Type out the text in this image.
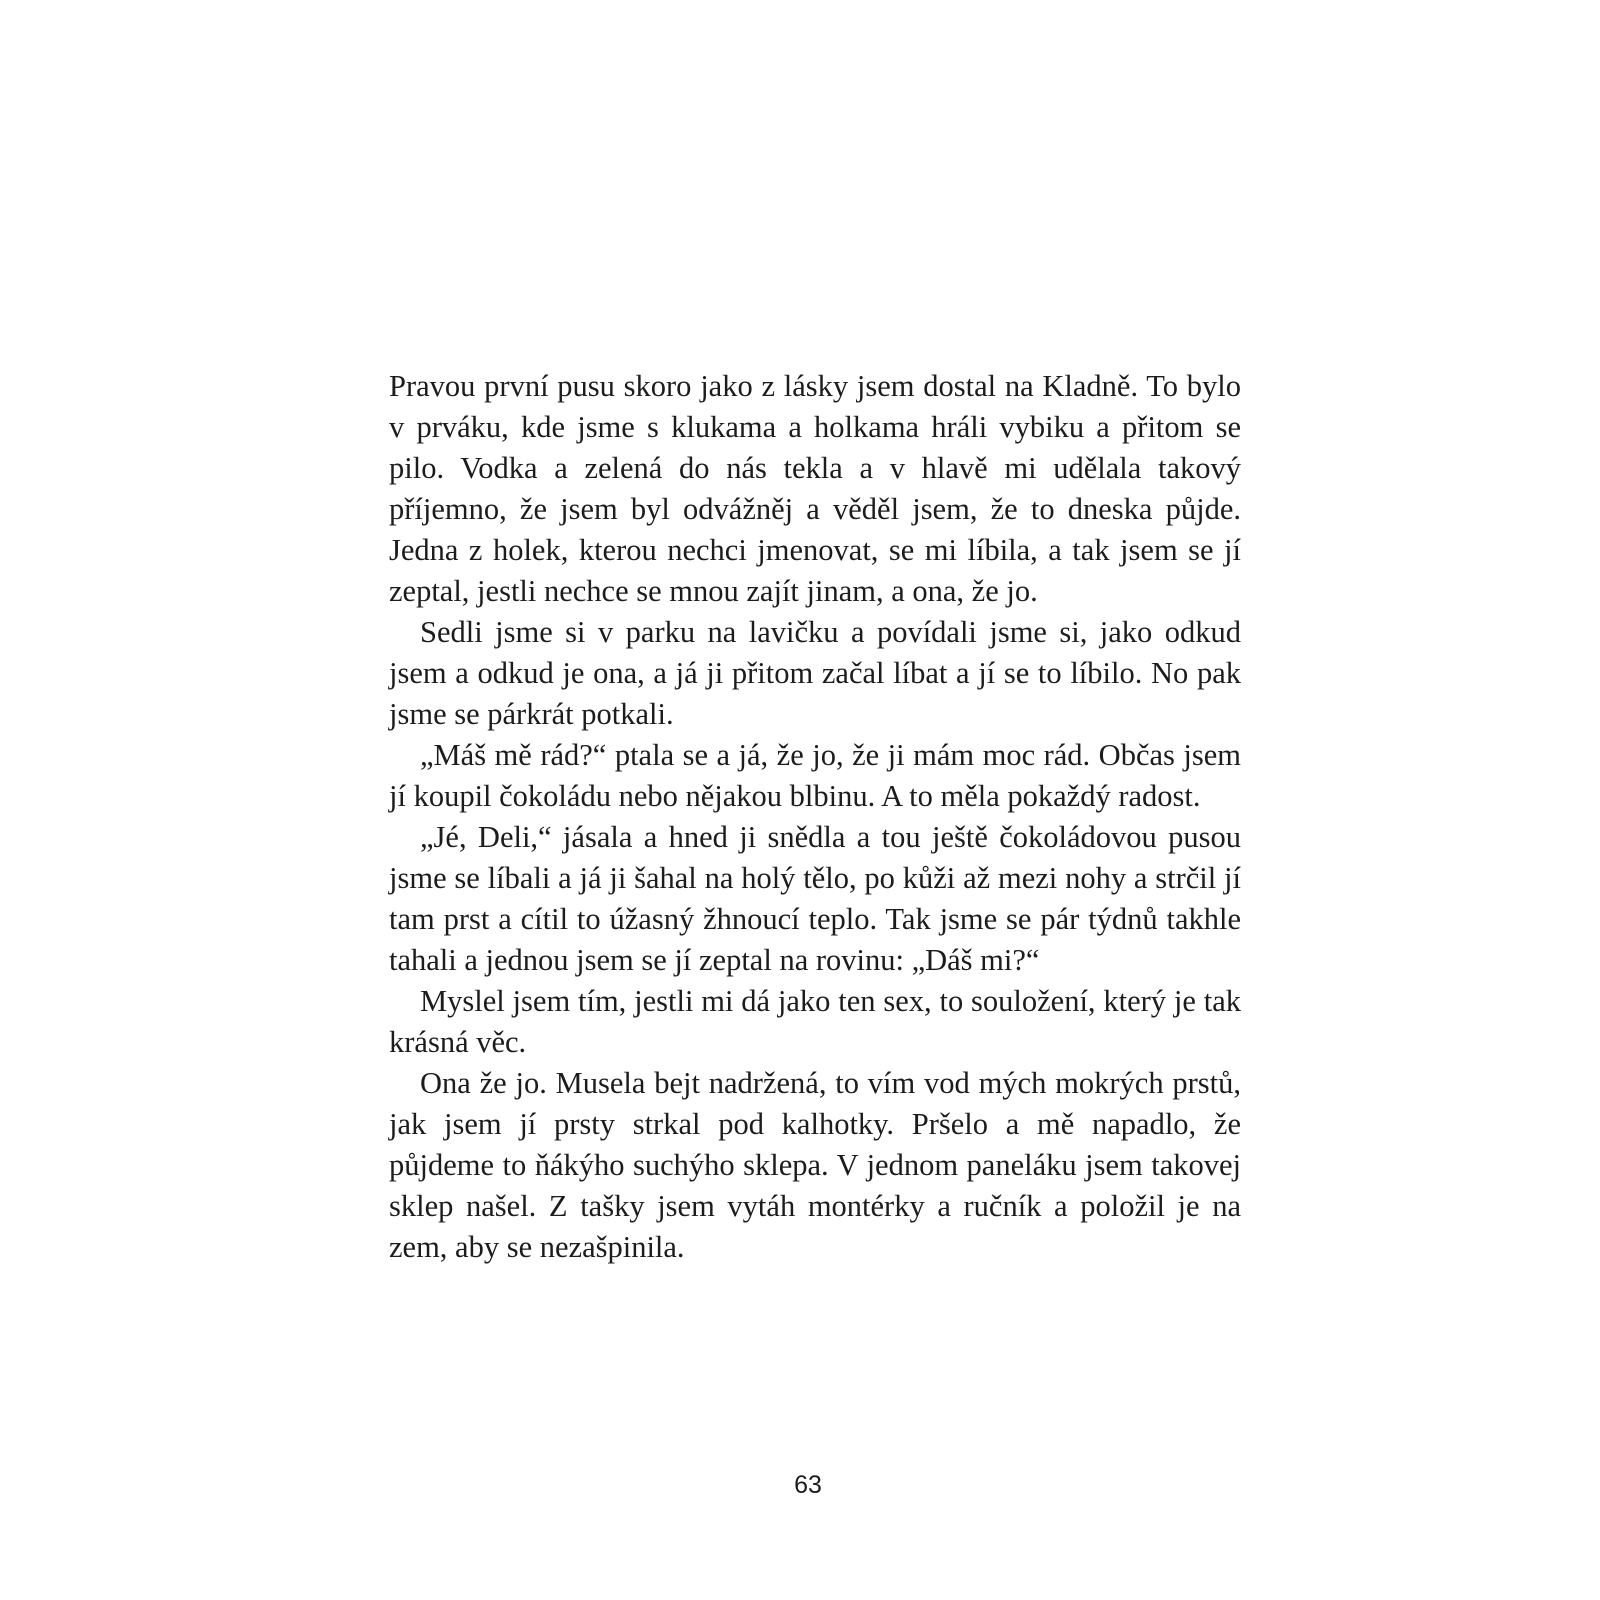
Pravou první pusu skoro jako z lásky jsem dostal na Kladně. To bylo v prváku, kde jsme s klukama a holkama hráli vybiku a přitom se pilo. Vodka a zelená do nás tekla a v hlavě mi udělala takový příjemno, že jsem byl odvážněj a věděl jsem, že to dneska půjde. Jedna z holek, kterou nechci jmenovat, se mi líbila, a tak jsem se jí zeptal, jestli nechce se mnou zajít jinam, a ona, že jo.

Sedli jsme si v parku na lavičku a povídali jsme si, jako odkud jsem a odkud je ona, a já ji přitom začal líbat a jí se to líbilo. No pak jsme se párkrát potkali.

„Máš mě rád?“ ptala se a já, že jo, že ji mám moc rád. Občas jsem jí koupil čokoládu nebo nějakou blbinu. A to měla pokaždý radost.

„Jé, Deli,“ jásala a hned ji snědla a tou ještě čokoládovou pusou jsme se líbali a já ji šahal na holý tělo, po kůži až mezi nohy a strčil jí tam prst a cítil to úžasný žhnoucí teplo. Tak jsme se pár týdnů takhle tahali a jednou jsem se jí zeptal na rovinu: „Dáš mi?“

Myslel jsem tím, jestli mi dá jako ten sex, to souložení, který je tak krásná věc.

Ona že jo. Musela bejt nadržená, to vím vod mých mokrých prstů, jak jsem jí prsty strkal pod kalhotky. Pršelo a mě napadlo, že půjdeme to ňákýho suchýho sklepa. V jednom paneláku jsem takovej sklep našel. Z tašky jsem vytáh montérky a ručník a položil je na zem, aby se nezašpinila.

63
